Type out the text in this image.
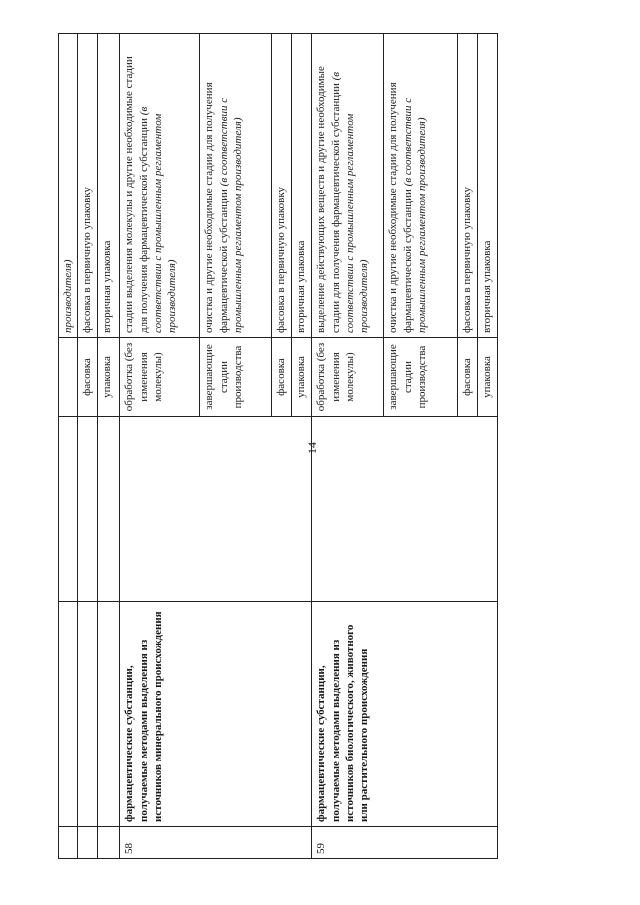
14
				производителя)
			фасовка	фасовка в первичную упаковку
			упаковка	вторичная упаковка
58	фармацевтические субстанции, получаемые методами выделения из источников минерального происхождения		обработка (без изменения молекулы)	стадии выделения молекулы и другие необходимые стадии для получения фармацевтической субстанции (в соответствии с промышленным регламентом производителя)
			завершающие стадии производства	очистка и другие необходимые стадии для получения фармацевтической субстанции (в соответствии с промышленным регламентом производителя)
			фасовка	фасовка в первичную упаковку
			упаковка	вторичная упаковка
59	фармацевтические субстанции, получаемые методами выделения из источников биологического, животного или растительного происхождения		обработка (без изменения молекулы)	выделение действующих веществ и другие необходимые стадии для получения фармацевтической субстанции (в соответствии с промышленным регламентом производителя)
			завершающие стадии производства	очистка и другие необходимые стадии для получения фармацевтической субстанции (в соответствии с промышленным регламентом производителя)
			фасовка	фасовка в первичную упаковку
			упаковка	вторичная упаковка
